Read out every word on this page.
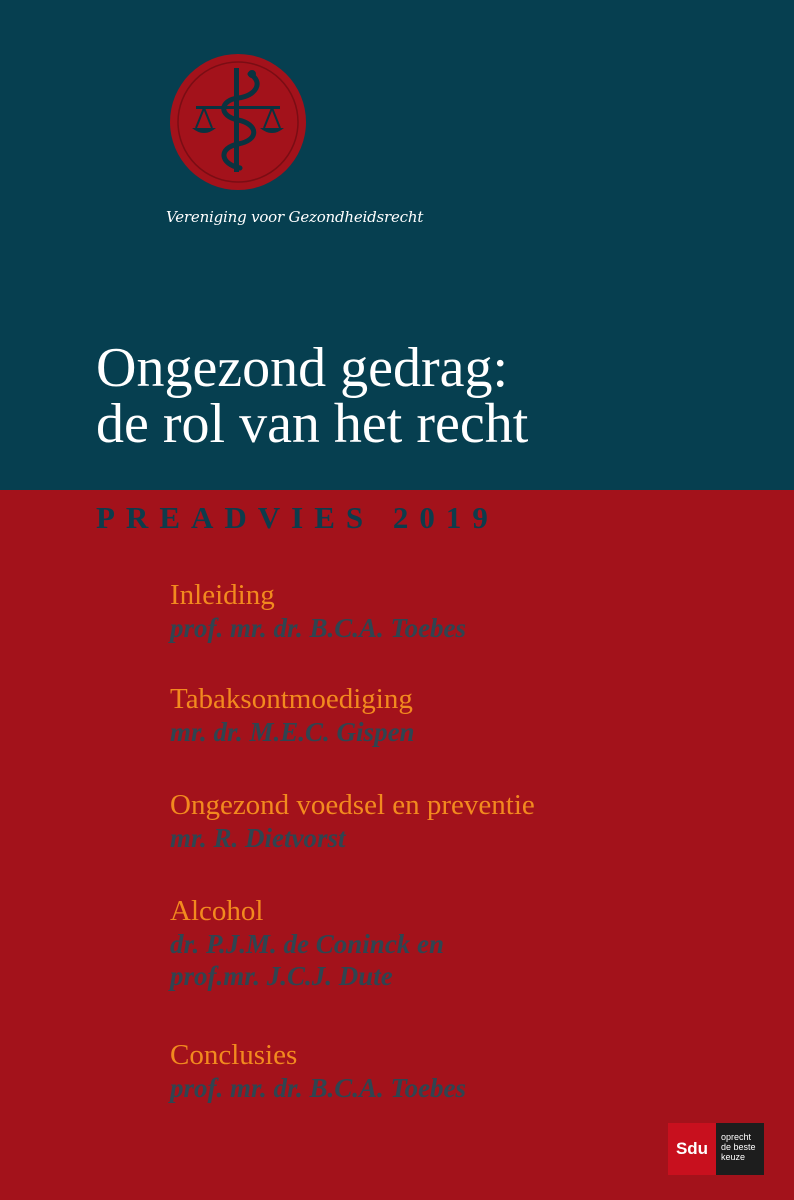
Vereniging voor Gezondheidsrecht
Ongezond gedrag:
de rol van het recht
PREADVIES 2019
Inleiding
prof. mr. dr. B.C.A. Toebes
Tabaksontmoediging
mr. dr. M.E.C. Gispen
Ongezond voedsel en preventie
mr. R. Dietvorst
Alcohol
dr. P.J.M. de Coninck en
prof.mr. J.C.J. Dute
Conclusies
prof. mr. dr. B.C.A. Toebes
Sdu
oprecht
de beste
keuze
